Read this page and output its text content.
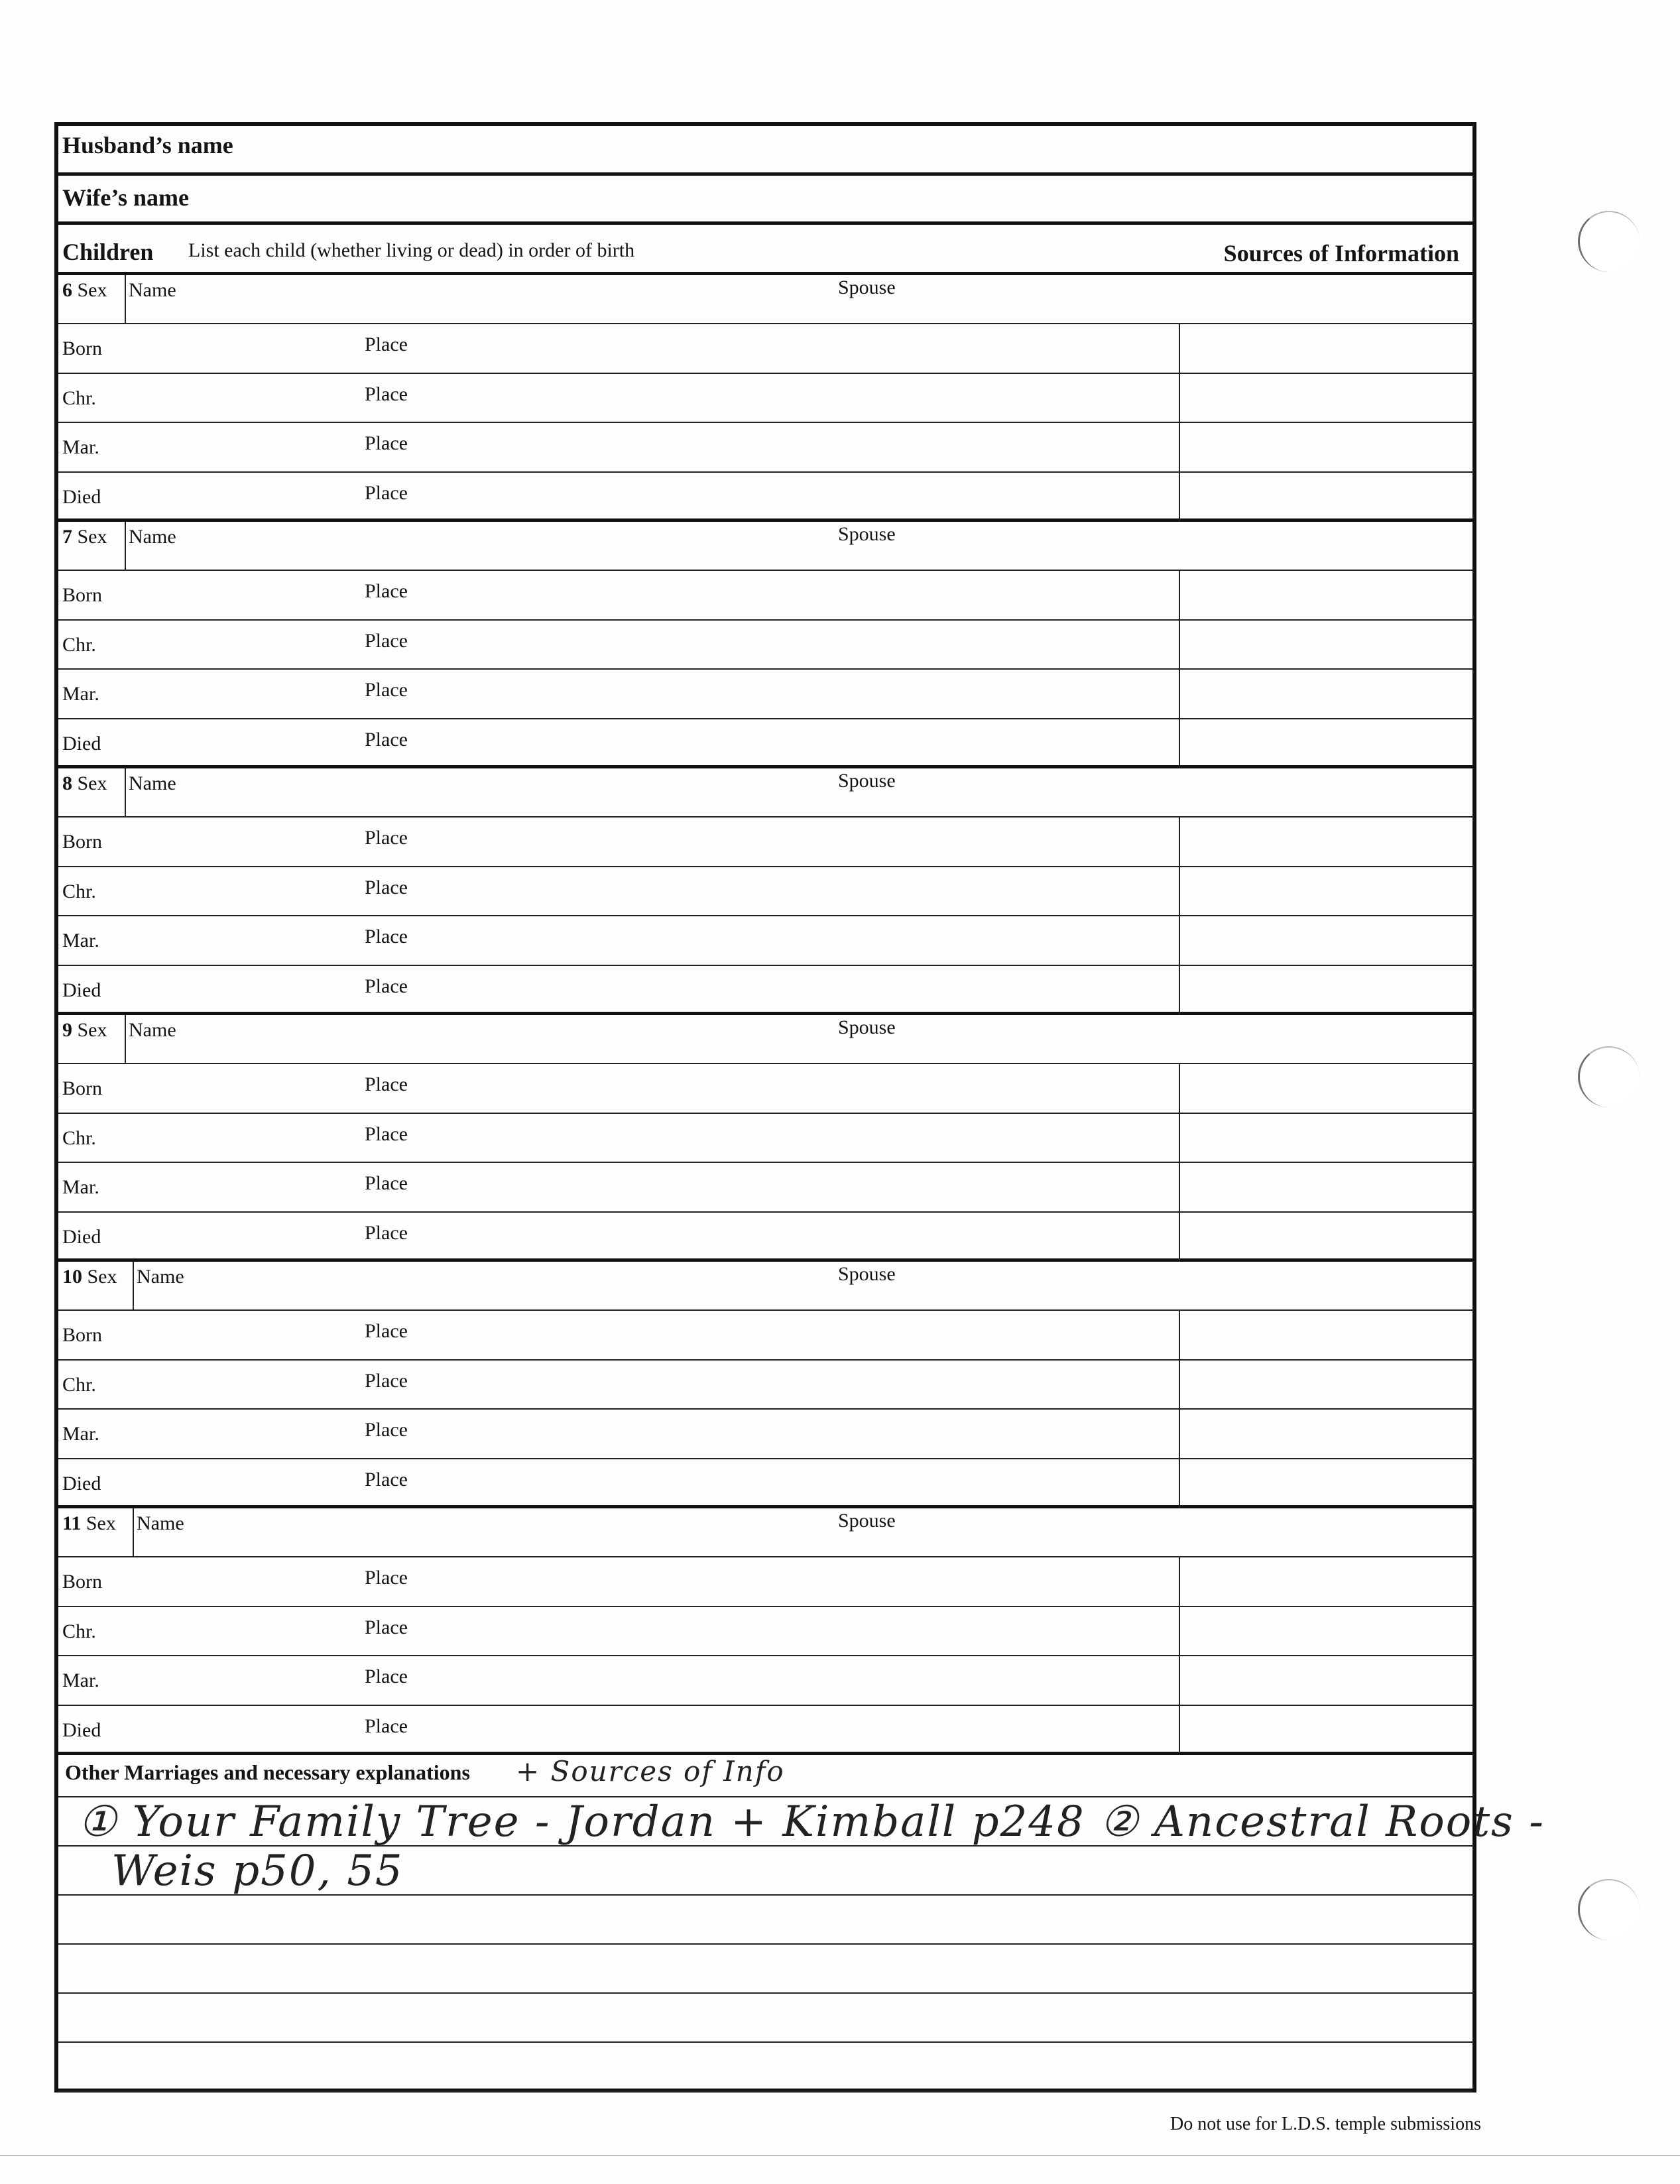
Husband’s name
Wife’s name
Children List each child (whether living or dead) in order of birth	Sources of Information
6 Sex Name	Spouse
Born	Place
Chr.	Place
Mar.	Place
Died	Place
7 Sex Name	Spouse
Born	Place
Chr.	Place
Mar.	Place
Died	Place
8 Sex Name	Spouse
Born	Place
Chr.	Place
Mar.	Place
Died	Place
9 Sex Name	Spouse
Born	Place
Chr.	Place
Mar.	Place
Died	Place
10 Sex Name	Spouse
Born	Place
Chr.	Place
Mar.	Place
Died	Place
11 Sex Name	Spouse
Born	Place
Chr.	Place
Mar.	Place
Died	Place
Other Marriages and necessary explanations + Sources of Info
① Your Family Tree - Jordan + Kimball p248 ② Ancestral Roots -
Weis p50, 55
Do not use for L.D.S. temple submissions
